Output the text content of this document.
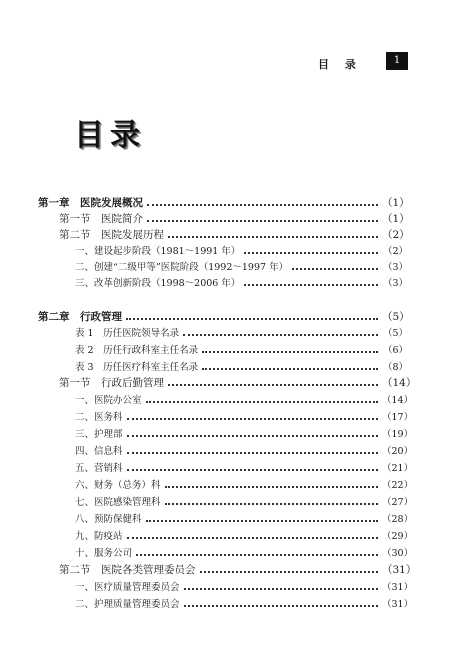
目 录	1
目录
第一章　医院发展概况	（1）
第一节　医院简介	（1）
第二节　医院发展历程	（2）
一、建设起步阶段（1981～1991 年）	（2）
二、创建“二级甲等”医院阶段（1992～1997 年）	（3）
三、改革创新阶段（1998～2006 年）	（3）
第二章　行政管理	（5）
表 1　历任医院领导名录	（5）
表 2　历任行政科室主任名录	（6）
表 3　历任医疗科室主任名录	（8）
第一节　行政后勤管理	（14）
一、医院办公室	（14）
二、医务科	（17）
三、护理部	（19）
四、信息科	（20）
五、营销科	（21）
六、财务（总务）科	（22）
七、医院感染管理科	（27）
八、预防保健科	（28）
九、防疫站	（29）
十、服务公司	（30）
第二节　医院各类管理委员会	（31）
一、医疗质量管理委员会	（31）
二、护理质量管理委员会	（31）
